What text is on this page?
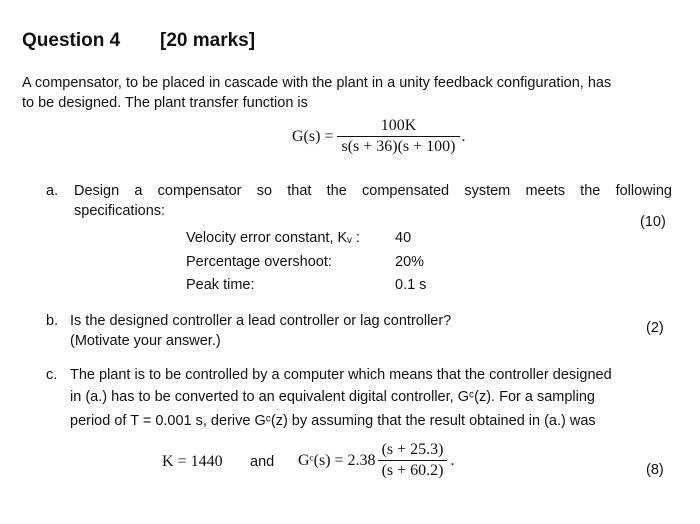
Question 4 [20 marks]
A compensator, to be placed in cascade with the plant in a unity feedback configuration, has
to be designed. The plant transfer function is
$G(s) = \frac{100K}{s(s + 36)(s + 100)}$ .
a. Design a compensator so that the compensated system meets the following
specifications:
(10)
Velocity error constant, Kᵥ : 40
Percentage overshoot:	20%
Peak time:	0.1 s
b. Is the designed controller a lead controller or lag controller?
(Motivate your answer.)
(2)
c. The plant is to be controlled by a computer which means that the controller designed
in (a.) has to be converted to an equivalent digital controller, Gᶜ(z). For a sampling
period of T = 0.001 s, derive Gᶜ(z) by assuming that the result obtained in (a.) was
K = 1440 and Gᶜ(s) = $2.38 \frac{(s + 25.3)}{(s + 60.2)}$ .
(8)
